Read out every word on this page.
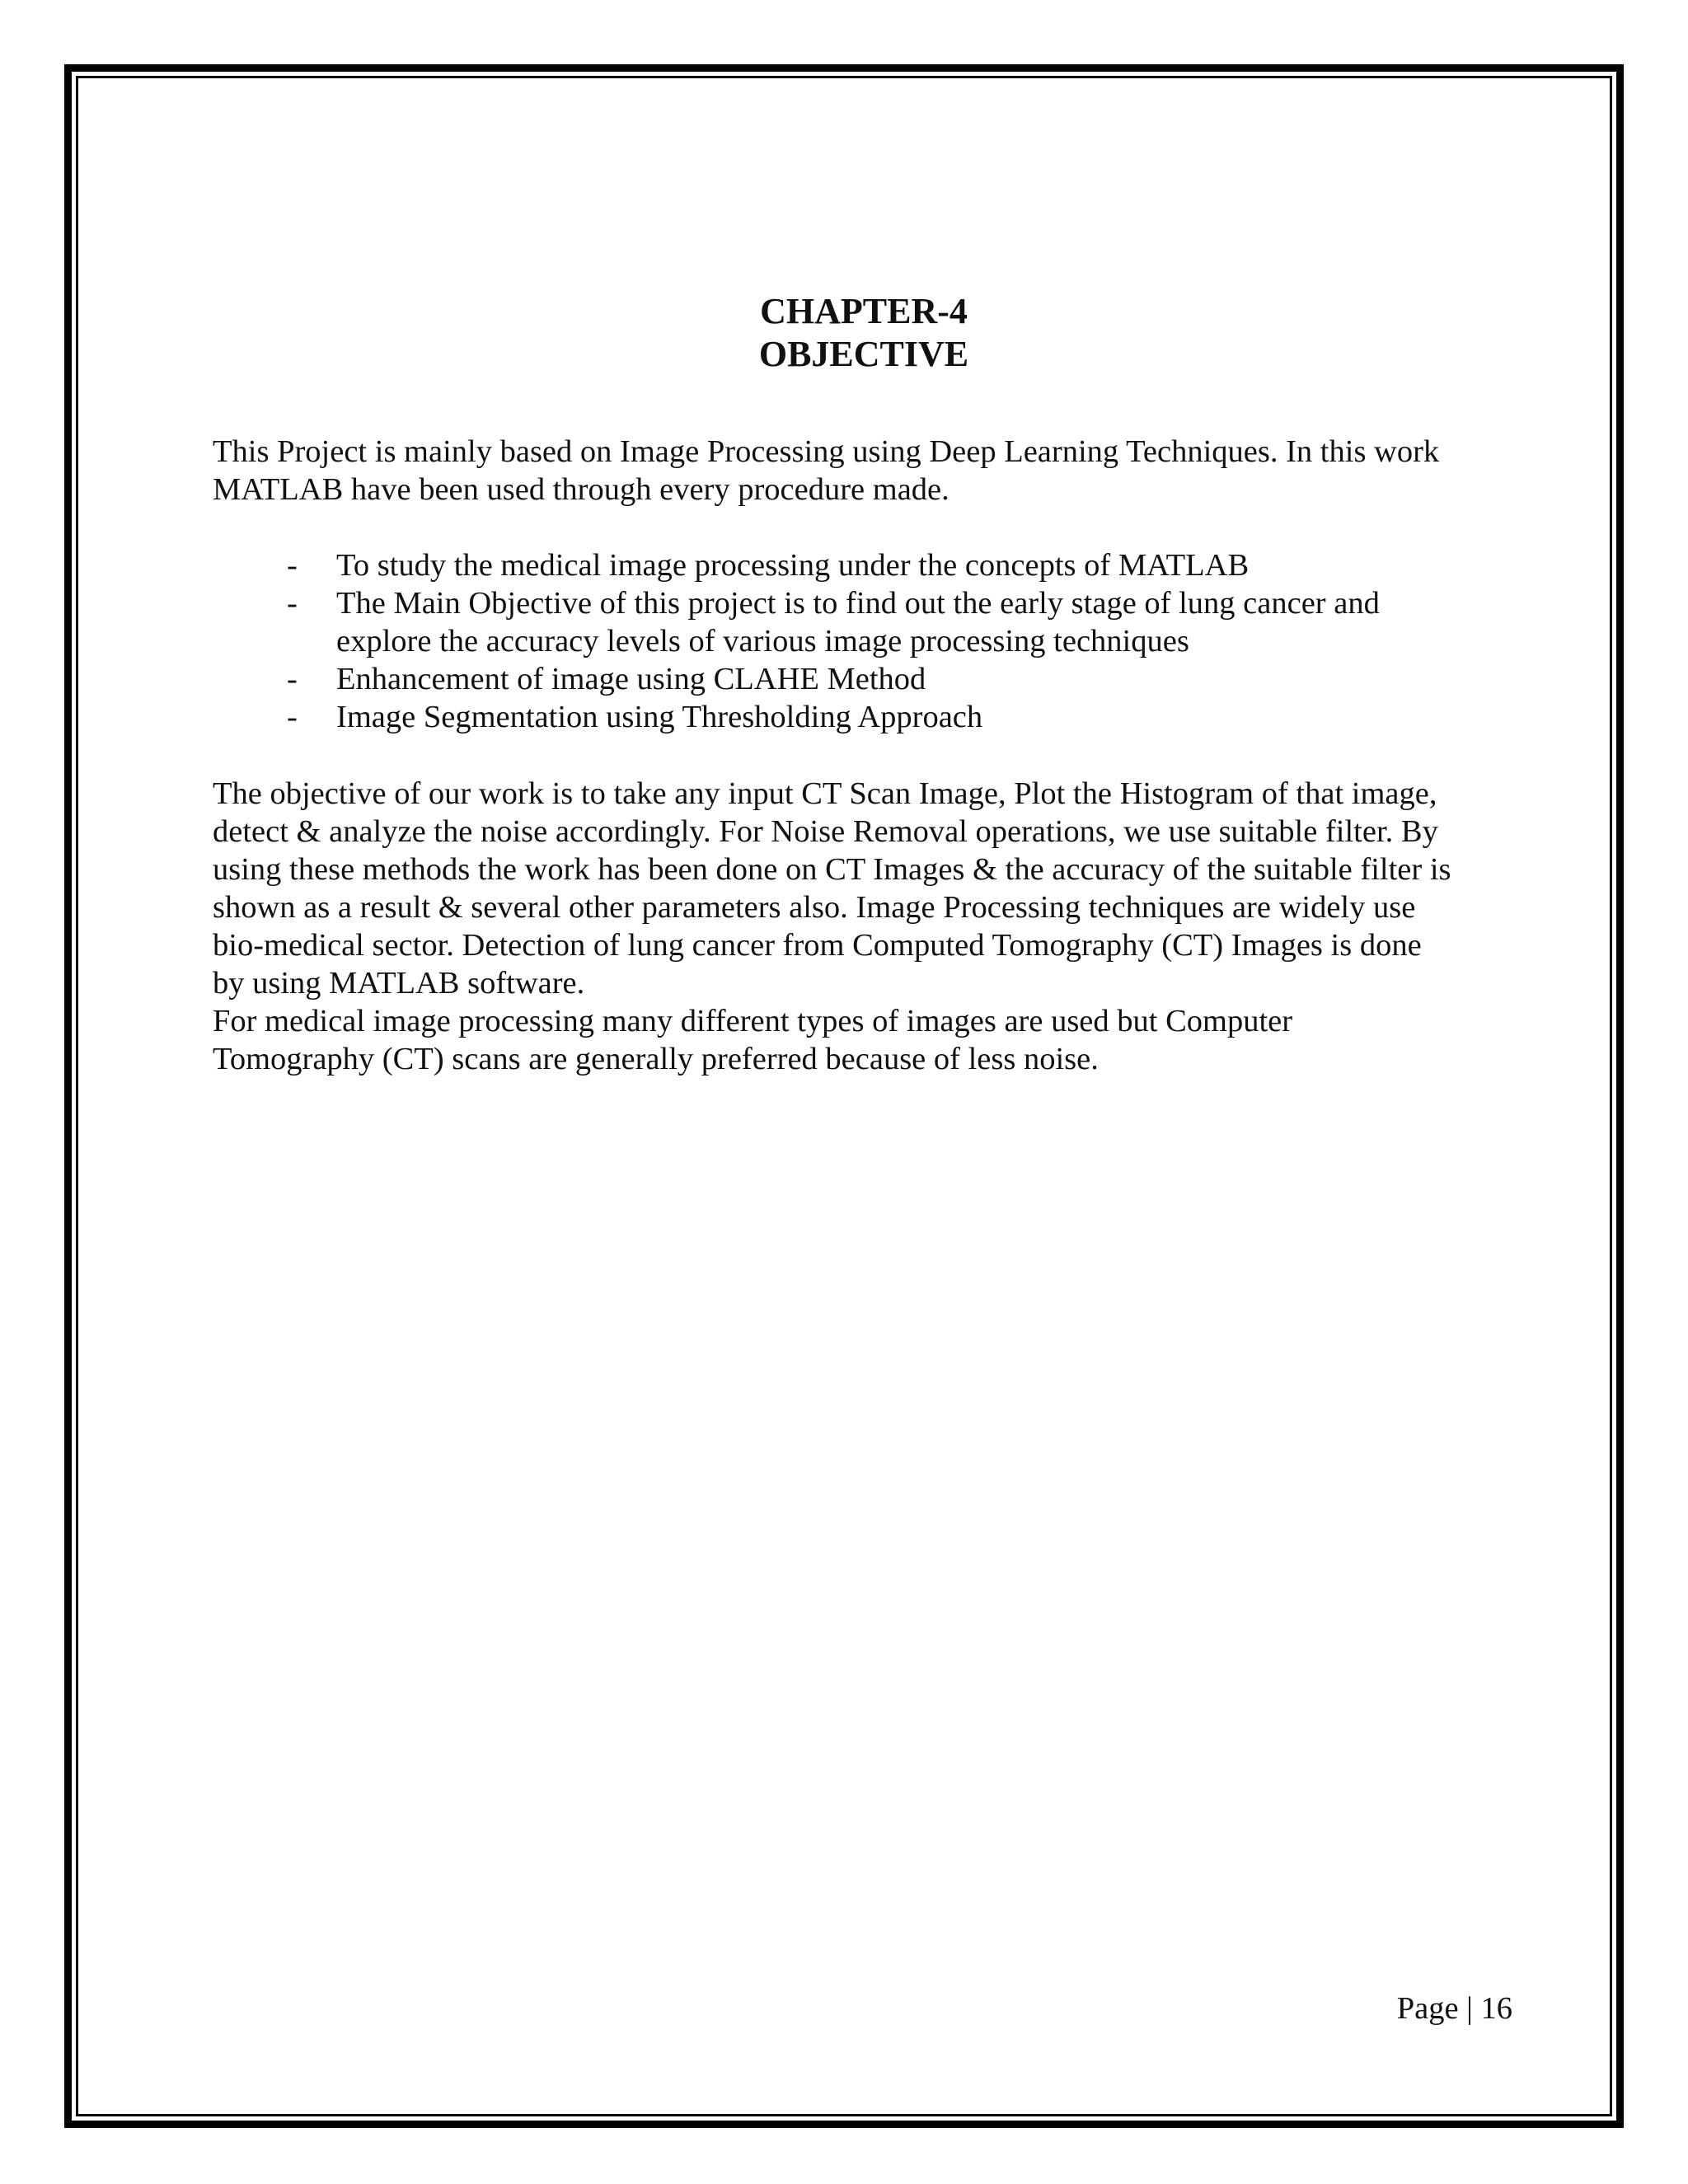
CHAPTER-4
OBJECTIVE

This Project is mainly based on Image Processing using Deep Learning Techniques. In this work
MATLAB have been used through every procedure made.

- To study the medical image processing under the concepts of MATLAB
- The Main Objective of this project is to find out the early stage of lung cancer and
explore the accuracy levels of various image processing techniques
- Enhancement of image using CLAHE Method
- Image Segmentation using Thresholding Approach

The objective of our work is to take any input CT Scan Image, Plot the Histogram of that image,
detect & analyze the noise accordingly. For Noise Removal operations, we use suitable filter. By
using these methods the work has been done on CT Images & the accuracy of the suitable filter is
shown as a result & several other parameters also. Image Processing techniques are widely use
bio-medical sector. Detection of lung cancer from Computed Tomography (CT) Images is done
by using MATLAB software.
For medical image processing many different types of images are used but Computer
Tomography (CT) scans are generally preferred because of less noise.

Page | 16
